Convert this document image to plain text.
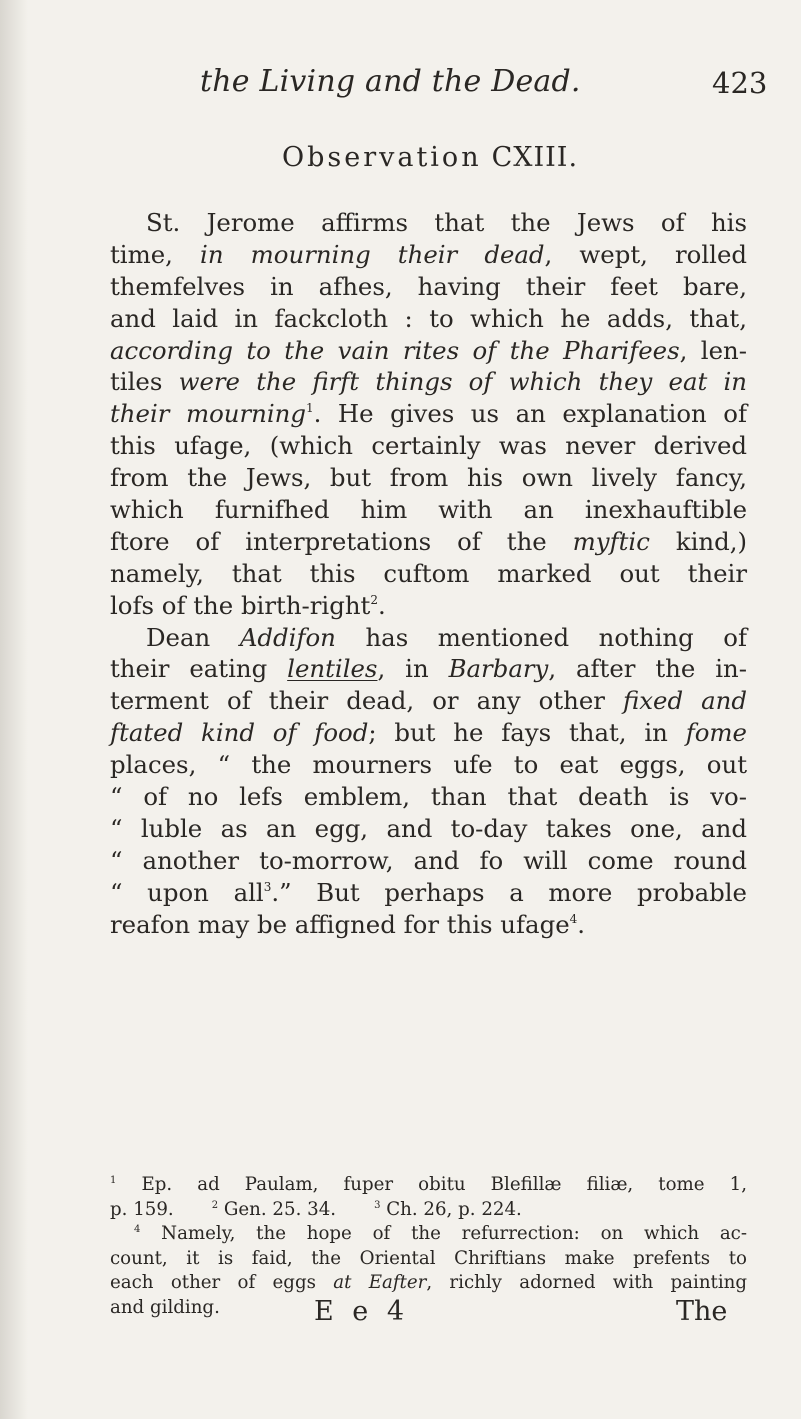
the Living and the Dead.	423
Observation CXIII.
St. Jerome affirms that the Jews of his
time, in mourning their dead, wept, rolled
themfelves in afhes, having their feet bare,
and laid in fackcloth : to which he adds, that,
according to the vain rites of the Pharifees, len-
tiles were the firft things of which they eat in
their mourning$^1$. He gives us an explanation of
this ufage, (which certainly was never derived
from the Jews, but from his own lively fancy,
which furnifhed him with an inexhauftible
ftore of interpretations of the myftic kind,)
namely, that this cuftom marked out their
lofs of the birth-right$^2$.
Dean Addifon has mentioned nothing of
their eating lentiles, in Barbary, after the in-
terment of their dead, or any other fixed and
ftated kind of food; but he fays that, in fome
places, “ the mourners ufe to eat eggs, out
“ of no lefs emblem, than that death is vo-
“ luble as an egg, and to-day takes one, and
“ another to-morrow, and fo will come round
“ upon all$^3$.” But perhaps a more probable
reafon may be affigned for this ufage$^4$.
$^1$ Ep. ad Paulam, fuper obitu Blefillæ filiæ, tome 1,
p. 159.	$^2$ Gen. 25. 34.	$^3$ Ch. 26, p. 224.
$^4$ Namely, the hope of the refurrection: on which ac-
count, it is faid, the Oriental Chriftians make prefents to
each other of eggs at Eafter, richly adorned with painting
and gilding.	E e 4	The
